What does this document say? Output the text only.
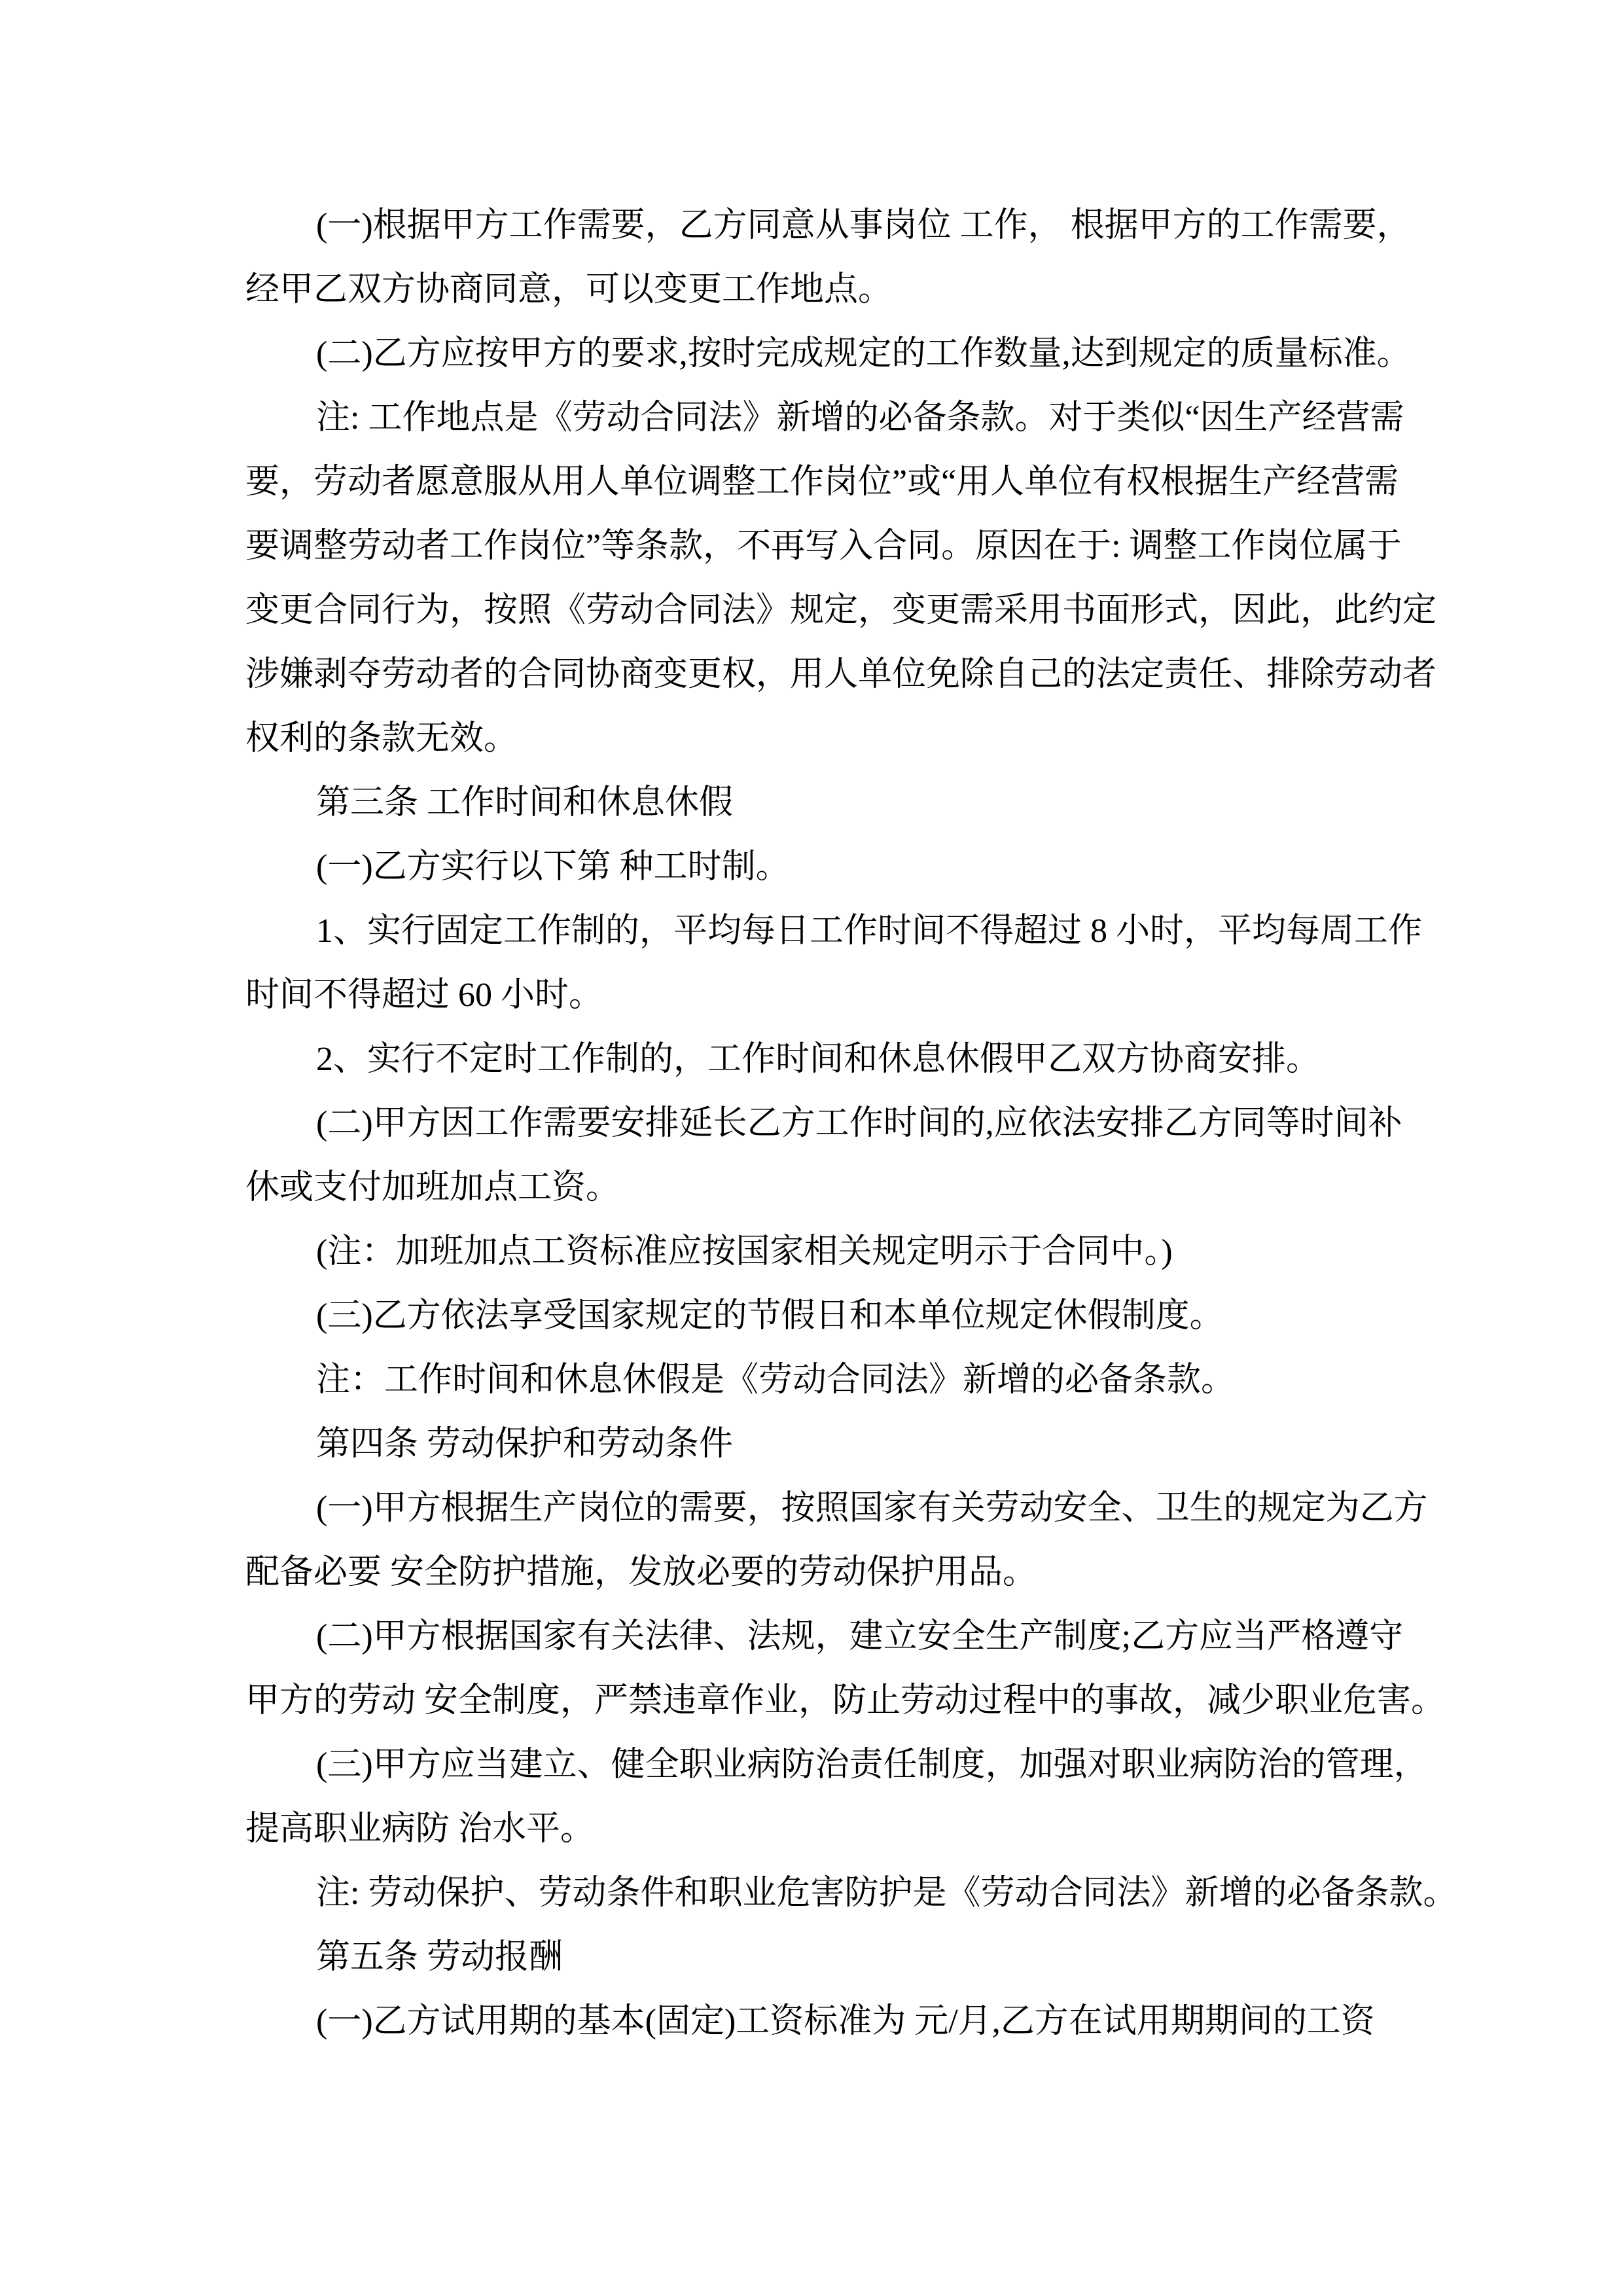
(一)根据甲方工作需要，乙方同意从事岗位 工作， 根据甲方的工作需要，
经甲乙双方协商同意，可以变更工作地点。
(二)乙方应按甲方的要求,按时完成规定的工作数量,达到规定的质量标准。
注: 工作地点是《劳动合同法》新增的必备条款。对于类似“因生产经营需
要，劳动者愿意服从用人单位调整工作岗位”或“用人单位有权根据生产经营需
要调整劳动者工作岗位”等条款，不再写入合同。原因在于: 调整工作岗位属于
变更合同行为，按照《劳动合同法》规定，变更需采用书面形式，因此，此约定
涉嫌剥夺劳动者的合同协商变更权，用人单位免除自己的法定责任、排除劳动者
权利的条款无效。
第三条 工作时间和休息休假
(一)乙方实行以下第 种工时制。
1、实行固定工作制的，平均每日工作时间不得超过 8 小时，平均每周工作
时间不得超过 60 小时。
2、实行不定时工作制的，工作时间和休息休假甲乙双方协商安排。
(二)甲方因工作需要安排延长乙方工作时间的,应依法安排乙方同等时间补
休或支付加班加点工资。
(注：加班加点工资标准应按国家相关规定明示于合同中。)
(三)乙方依法享受国家规定的节假日和本单位规定休假制度。
注：工作时间和休息休假是《劳动合同法》新增的必备条款。
第四条 劳动保护和劳动条件
(一)甲方根据生产岗位的需要，按照国家有关劳动安全、卫生的规定为乙方
配备必要 安全防护措施，发放必要的劳动保护用品。
(二)甲方根据国家有关法律、法规，建立安全生产制度;乙方应当严格遵守
甲方的劳动 安全制度，严禁违章作业，防止劳动过程中的事故，减少职业危害。
(三)甲方应当建立、健全职业病防治责任制度，加强对职业病防治的管理，
提高职业病防 治水平。
注: 劳动保护、劳动条件和职业危害防护是《劳动合同法》新增的必备条款。
第五条 劳动报酬
(一)乙方试用期的基本(固定)工资标准为 元/月,乙方在试用期期间的工资
